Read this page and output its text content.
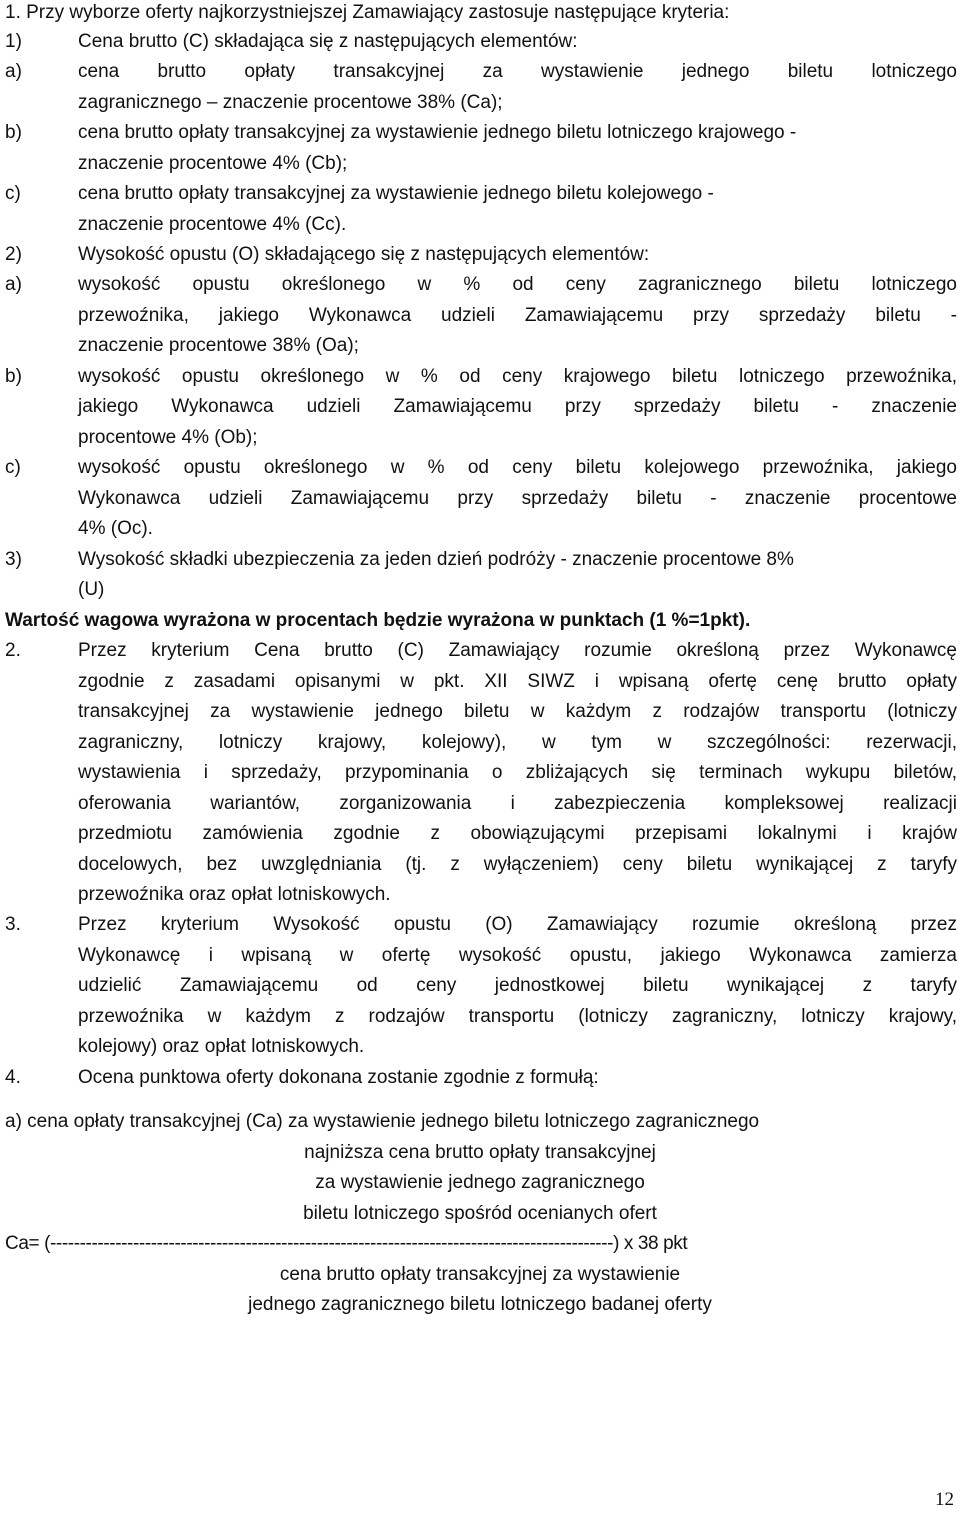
1. Przy wyborze oferty najkorzystniejszej Zamawiający zastosuje następujące kryteria:
1)	Cena brutto (C) składająca się z następujących elementów:
a)	cena brutto opłaty transakcyjnej za wystawienie jednego biletu lotniczego
zagranicznego – znaczenie procentowe 38% (Ca);
b)	cena brutto opłaty transakcyjnej za wystawienie jednego biletu lotniczego krajowego -
znaczenie procentowe 4% (Cb);
c)	cena brutto opłaty transakcyjnej za wystawienie jednego biletu kolejowego -
znaczenie procentowe 4% (Cc).
2)	Wysokość opustu (O) składającego się z następujących elementów:
a)	wysokość opustu określonego w % od ceny zagranicznego biletu lotniczego
przewoźnika, jakiego Wykonawca udzieli Zamawiającemu przy sprzedaży biletu -
znaczenie procentowe 38% (Oa);
b)	wysokość opustu określonego w % od ceny krajowego biletu lotniczego przewoźnika,
jakiego Wykonawca udzieli Zamawiającemu przy sprzedaży biletu - znaczenie
procentowe 4% (Ob);
c)	wysokość opustu określonego w % od ceny biletu kolejowego przewoźnika, jakiego
Wykonawca udzieli Zamawiającemu przy sprzedaży biletu - znaczenie procentowe
4% (Oc).
3)	Wysokość składki ubezpieczenia za jeden dzień podróży - znaczenie procentowe 8%
(U)
Wartość wagowa wyrażona w procentach będzie wyrażona w punktach (1 %=1pkt).
2.	Przez kryterium Cena brutto (C) Zamawiający rozumie określoną przez Wykonawcę
zgodnie z zasadami opisanymi w pkt. XII SIWZ i wpisaną ofertę cenę brutto opłaty
transakcyjnej za wystawienie jednego biletu w każdym z rodzajów transportu (lotniczy
zagraniczny, lotniczy krajowy, kolejowy), w tym w szczególności: rezerwacji,
wystawienia i sprzedaży, przypominania o zbliżających się terminach wykupu biletów,
oferowania wariantów, zorganizowania i zabezpieczenia kompleksowej realizacji
przedmiotu zamówienia zgodnie z obowiązującymi przepisami lokalnymi i krajów
docelowych, bez uwzględniania (tj. z wyłączeniem) ceny biletu wynikającej z taryfy
przewoźnika oraz opłat lotniskowych.
3.	Przez kryterium Wysokość opustu (O) Zamawiający rozumie określoną przez
Wykonawcę i wpisaną w ofertę wysokość opustu, jakiego Wykonawca zamierza
udzielić Zamawiającemu od ceny jednostkowej biletu wynikającej z taryfy
przewoźnika w każdym z rodzajów transportu (lotniczy zagraniczny, lotniczy krajowy,
kolejowy) oraz opłat lotniskowych.
4.	Ocena punktowa oferty dokonana zostanie zgodnie z formułą:
a) cena opłaty transakcyjnej (Ca) za wystawienie jednego biletu lotniczego zagranicznego
najniższa cena brutto opłaty transakcyjnej
za wystawienie jednego zagranicznego
biletu lotniczego spośród ocenianych ofert
Ca= (-----------------------------------------------------------------------------------------------) x 38 pkt
cena brutto opłaty transakcyjnej za wystawienie
jednego zagranicznego biletu lotniczego badanej oferty
12
